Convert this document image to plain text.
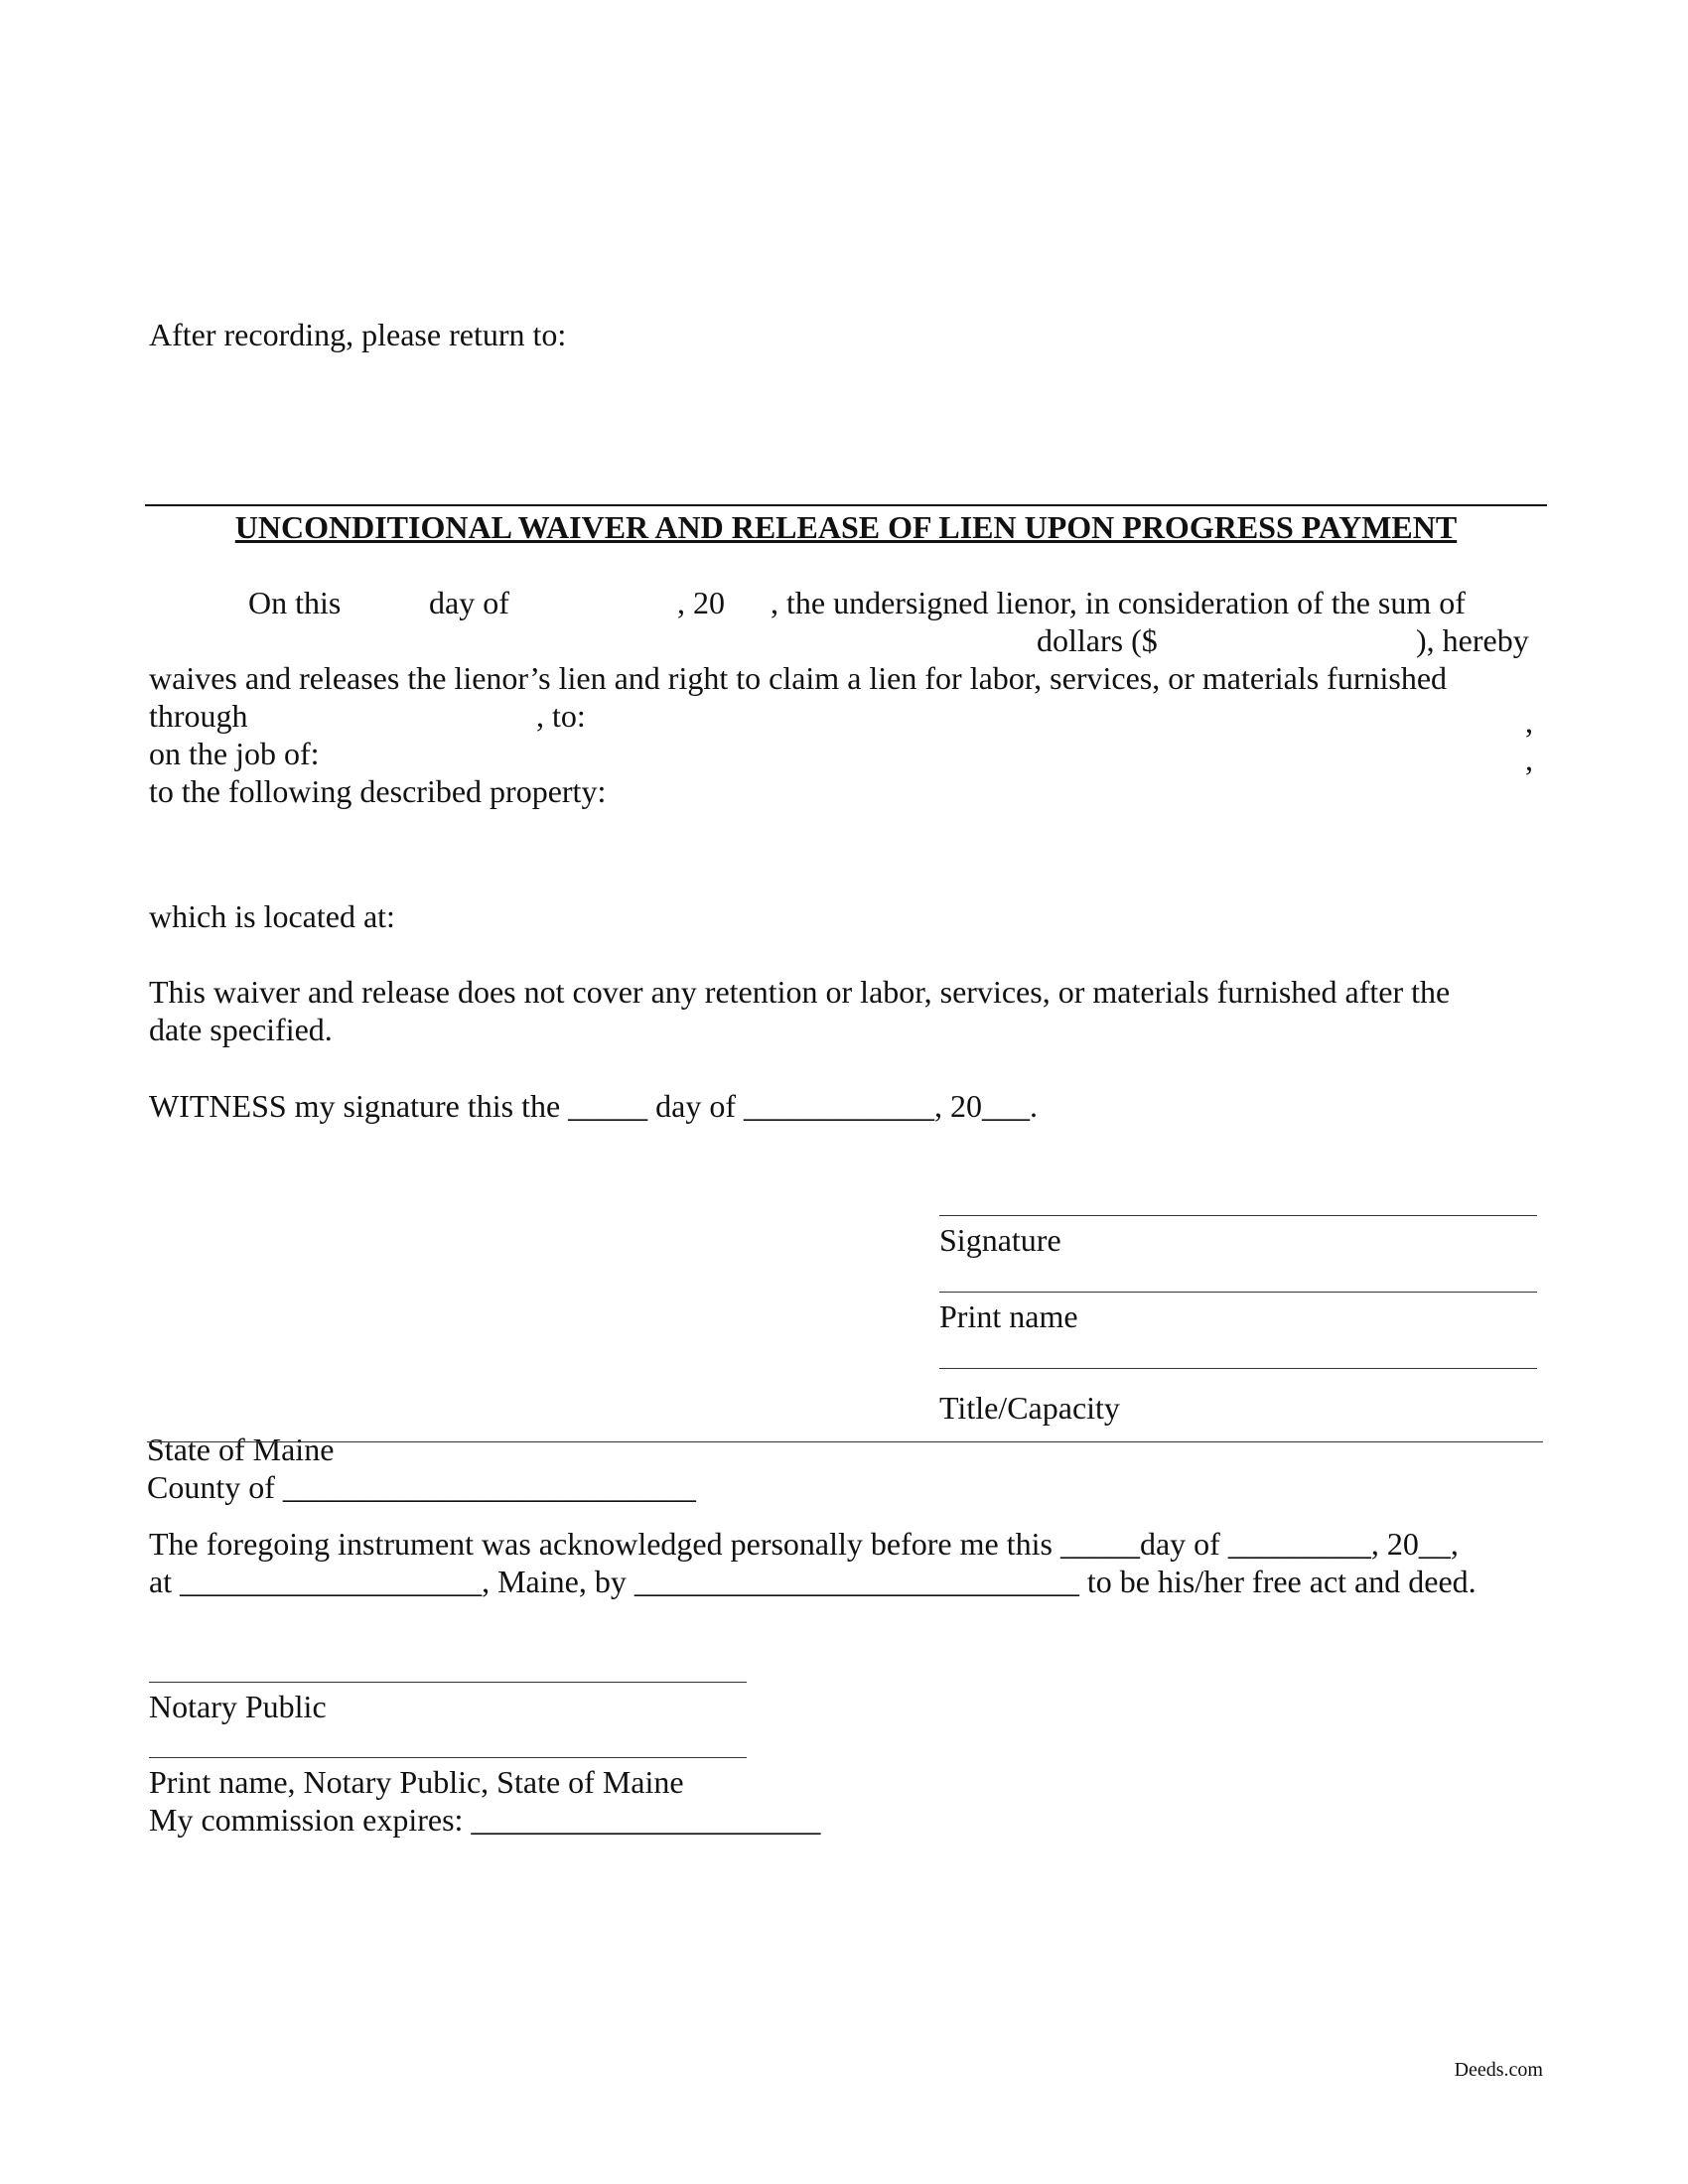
After recording, please return to:
UNCONDITIONAL WAIVER AND RELEASE OF LIEN UPON PROGRESS PAYMENT
On this	day of	, 20 , the undersigned lienor, in consideration of the sum of
dollars ($	), hereby
waives and releases the lienor’s lien and right to claim a lien for labor, services, or materials furnished
through	, to:	,
on the job of:	,
to the following described property:
which is located at:
This waiver and release does not cover any retention or labor, services, or materials furnished after the
date specified.
WITNESS my signature this the _____ day of ____________, 20___.
Signature
Print name
Title/Capacity
State of Maine
County of __________________________
The foregoing instrument was acknowledged personally before me this _____day of _________, 20__,
at ___________________, Maine, by ____________________________ to be his/her free act and deed.
Notary Public
Print name, Notary Public, State of Maine
My commission expires: ______________________
Deeds.com
